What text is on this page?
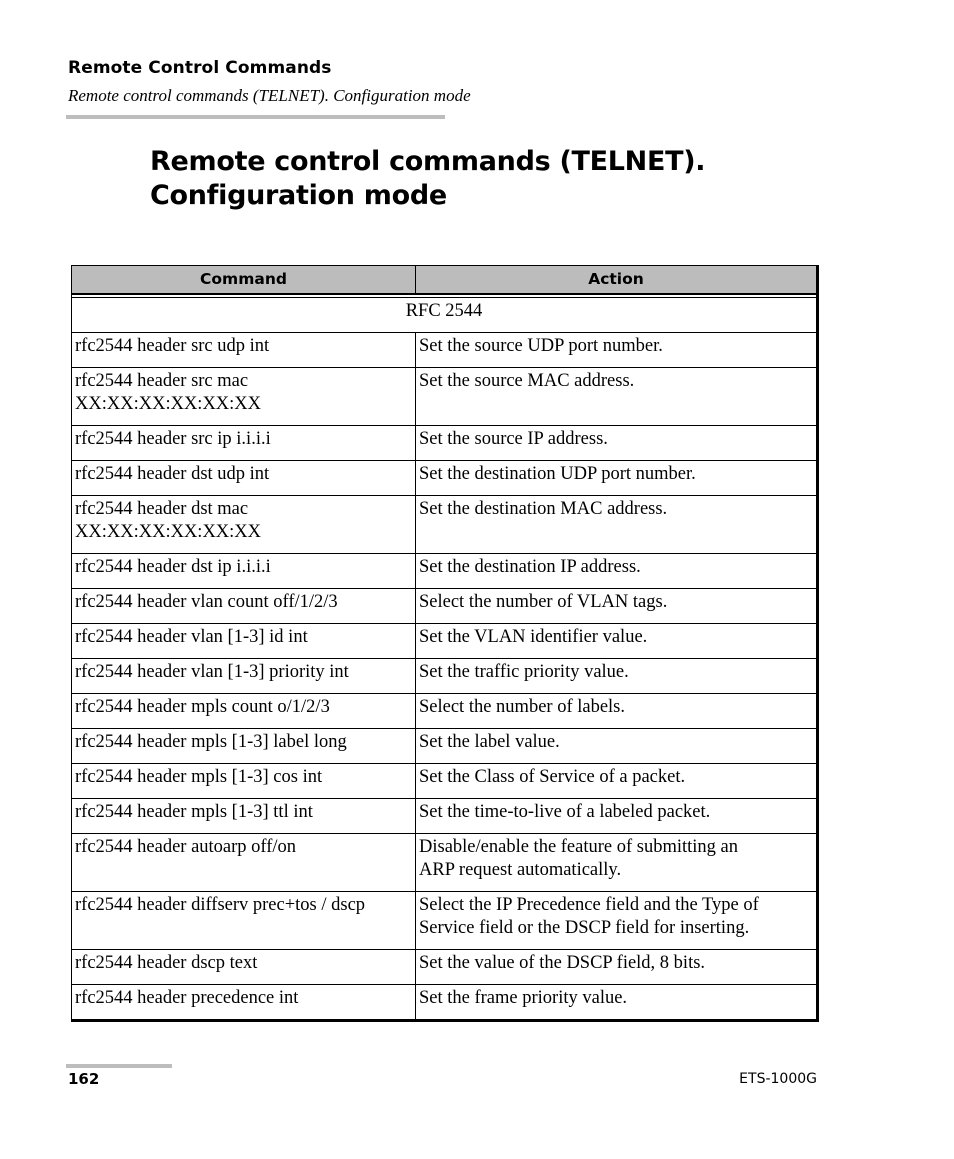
Remote Control Commands
Remote control commands (TELNET). Configuration mode
Remote control commands (TELNET).
Configuration mode
Command	Action

RFC 2544	

rfc2544 header src udp int	Set the source UDP port number.

rfc2544 header src mac
XX:XX:XX:XX:XX:XX	Set the source MAC address.

rfc2544 header src ip i.i.i.i	Set the source IP address.

rfc2544 header dst udp int	Set the destination UDP port number.

rfc2544 header dst mac
XX:XX:XX:XX:XX:XX	Set the destination MAC address.

rfc2544 header dst ip i.i.i.i	Set the destination IP address.

rfc2544 header vlan count off/1/2/3	Select the number of VLAN tags.

rfc2544 header vlan [1-3] id int	Set the VLAN identifier value.

rfc2544 header vlan [1-3] priority int	Set the traffic priority value.

rfc2544 header mpls count o/1/2/3	Select the number of labels.

rfc2544 header mpls [1-3] label long	Set the label value.

rfc2544 header mpls [1-3] cos int	Set the Class of Service of a packet.

rfc2544 header mpls [1-3] ttl int	Set the time-to-live of a labeled packet.

rfc2544 header autoarp off/on	Disable/enable the feature of submitting an
ARP request automatically.

rfc2544 header diffserv prec+tos / dscp	Select the IP Precedence field and the Type of
Service field or the DSCP field for inserting.

rfc2544 header dscp text	Set the value of the DSCP field, 8 bits.

rfc2544 header precedence int	Set the frame priority value.
162	ETS-1000G
